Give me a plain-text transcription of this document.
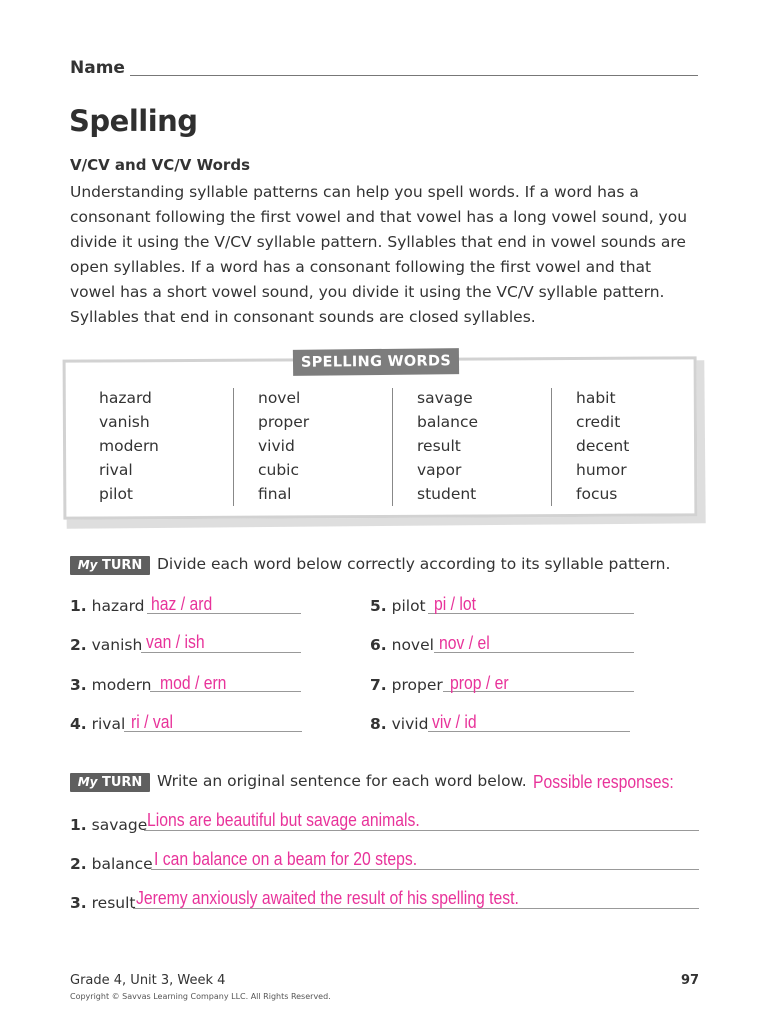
Name
Spelling
V/CV and VC/V Words
Understanding syllable patterns can help you spell words. If a word has a
consonant following the first vowel and that vowel has a long vowel sound, you
divide it using the V/CV syllable pattern. Syllables that end in vowel sounds are
open syllables. If a word has a consonant following the first vowel and that
vowel has a short vowel sound, you divide it using the VC/V syllable pattern.
Syllables that end in consonant sounds are closed syllables.
SPELLING WORDS
hazard
vanish
modern
rival
pilot
novel
proper
vivid
cubic
final
savage
balance
result
vapor
student
habit
credit
decent
humor
focus
My TURN Divide each word below correctly according to its syllable pattern.
1. hazard haz / ard
2. vanish van / ish
3. modern mod / ern
4. rival ri / val
5. pilot pi / lot
6. novel nov / el
7. proper prop / er
8. vivid viv / id
My TURN Write an original sentence for each word below. Possible responses:
1. savage Lions are beautiful but savage animals.
2. balance I can balance on a beam for 20 steps.
3. result Jeremy anxiously awaited the result of his spelling test.
Grade 4, Unit 3, Week 4
Copyright © Savvas Learning Company LLC. All Rights Reserved.
97
